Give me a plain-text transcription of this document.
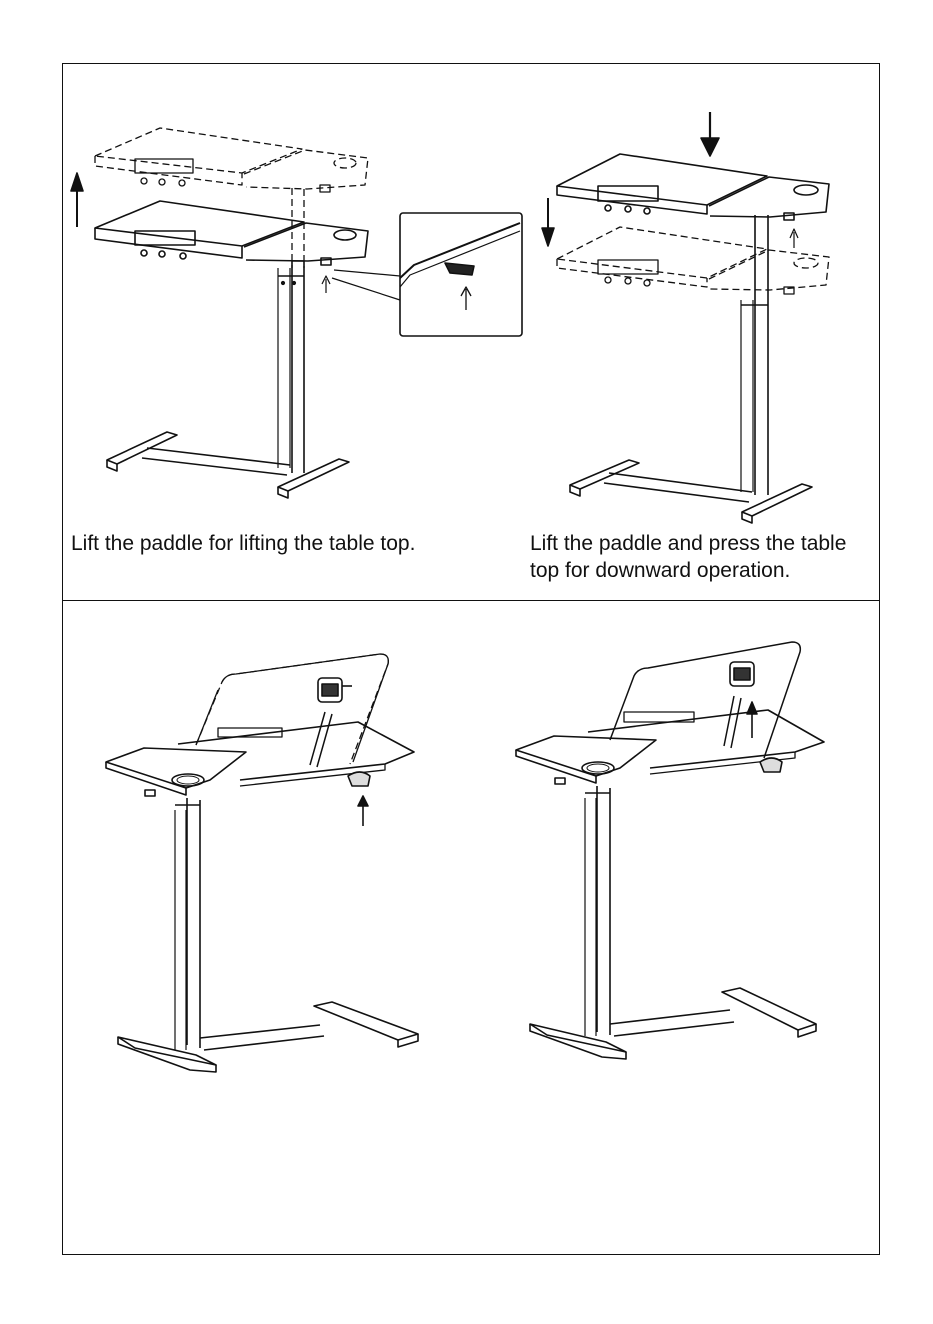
Lift the paddle for lifting the table top.	Lift the paddle and press the table top for downward operation.
